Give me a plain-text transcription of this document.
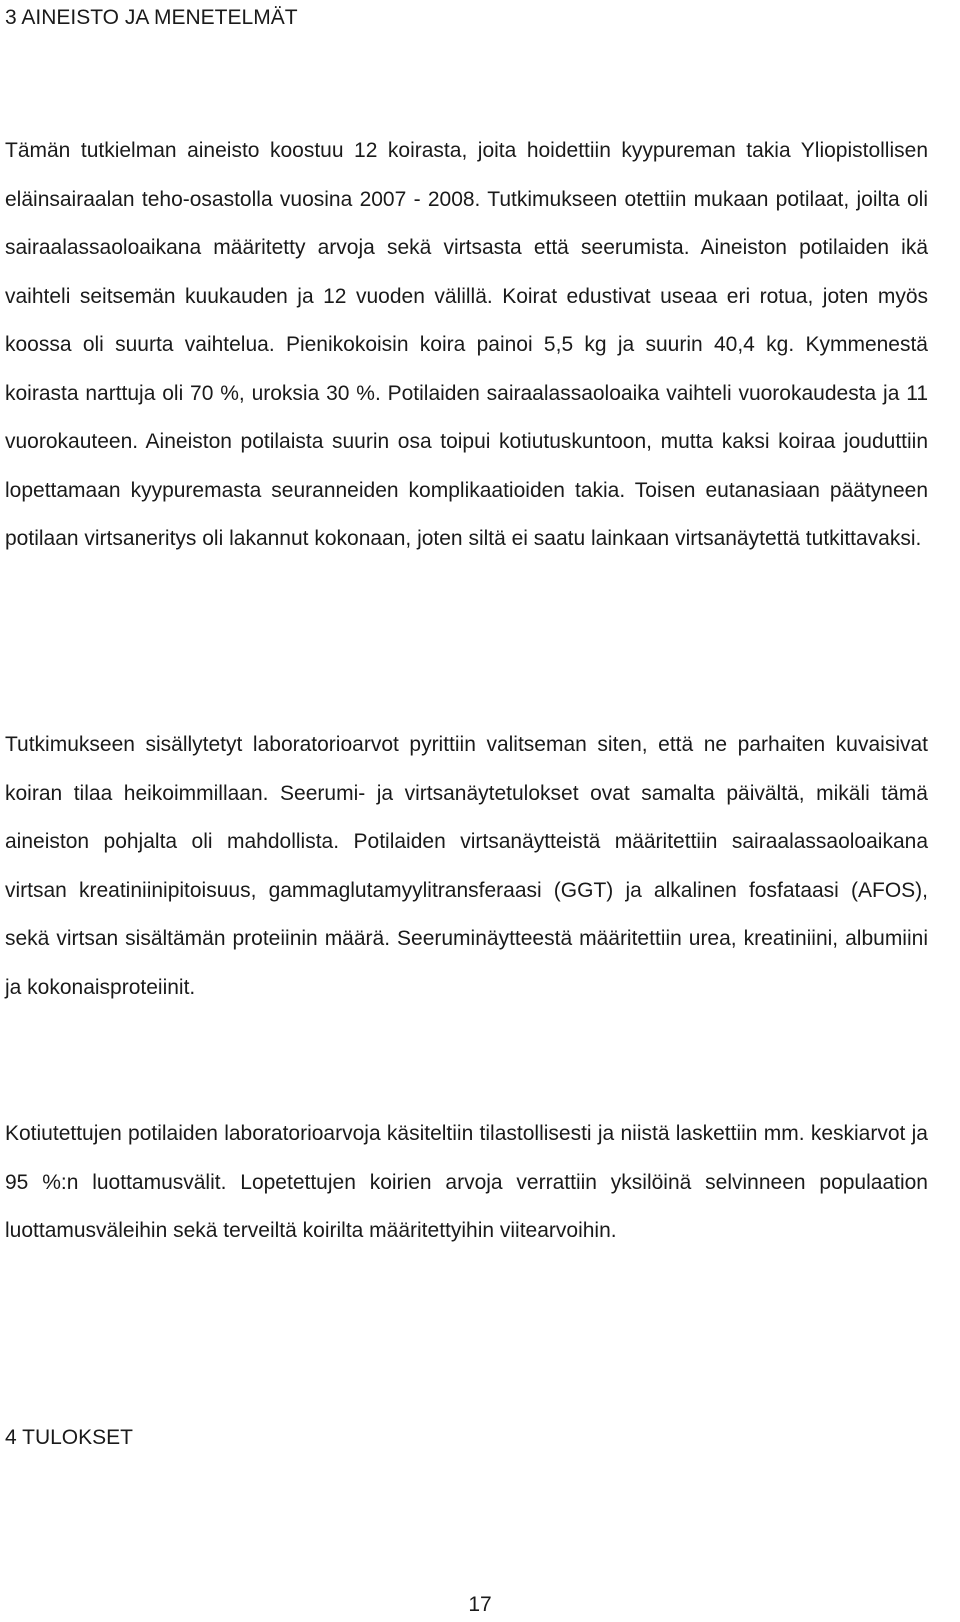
3 AINEISTO JA MENETELMÄT

Tämän tutkielman aineisto koostuu 12 koirasta, joita hoidettiin kyypureman takia Yliopistollisen eläinsairaalan teho-osastolla vuosina 2007 - 2008. Tutkimukseen otettiin mukaan potilaat, joilta oli sairaalassaoloaikana määritetty arvoja sekä virtsasta että seerumista. Aineiston potilaiden ikä vaihteli seitsemän kuukauden ja 12 vuoden välillä. Koirat edustivat useaa eri rotua, joten myös koossa oli suurta vaihtelua. Pienikokoisin koira painoi 5,5 kg ja suurin 40,4 kg. Kymmenestä koirasta narttuja oli 70 %, uroksia 30 %. Potilaiden sairaalassaoloaika vaihteli vuorokaudesta ja 11 vuorokauteen. Aineiston potilaista suurin osa toipui kotiutuskuntoon, mutta kaksi koiraa jouduttiin lopettamaan kyypuremasta seuranneiden komplikaatioiden takia. Toisen eutanasiaan päätyneen potilaan virtsaneritys oli lakannut kokonaan, joten siltä ei saatu lainkaan virtsanäytettä tutkittavaksi.

Tutkimukseen sisällytetyt laboratorioarvot pyrittiin valitseman siten, että ne parhaiten kuvaisivat koiran tilaa heikoimmillaan. Seerumi- ja virtsanäytetulokset ovat samalta päivältä, mikäli tämä aineiston pohjalta oli mahdollista. Potilaiden virtsanäytteistä määritettiin sairaalassaoloaikana virtsan kreatiniinipitoisuus, gammaglutamyylitransferaasi (GGT) ja alkalinen fosfataasi (AFOS), sekä virtsan sisältämän proteiinin määrä. Seeruminäytteestä määritettiin urea, kreatiniini, albumiini ja kokonaisproteiinit.

Kotiutettujen potilaiden laboratorioarvoja käsiteltiin tilastollisesti ja niistä laskettiin mm. keskiarvot ja 95 %:n luottamusvälit. Lopetettujen koirien arvoja verrattiin yksilöinä selvinneen populaation luottamusväleihin sekä terveiltä koirilta määritettyihin viitearvoihin.

4 TULOKSET
17
